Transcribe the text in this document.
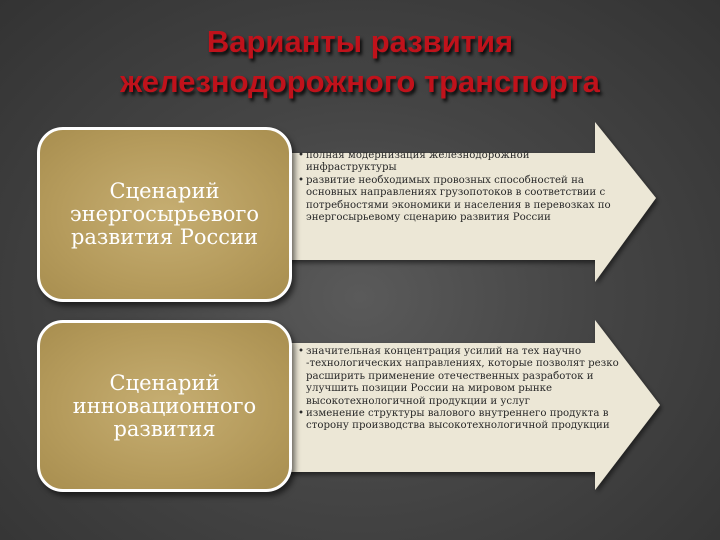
Варианты развития
железнодорожного транспорта
Сценарий
энергосырьевого
развития России
• полная модернизация железнодорожной инфраструктуры
• развитие необходимых провозных способностей на основных направлениях грузопотоков в соответствии с потребностями экономики и населения в перевозках по энергосырьевому сценарию развития России
Сценарий
инновационного
развития
• значительная концентрация усилий на тех научно -технологических направлениях, которые позволят резко расширить применение отечественных разработок и улучшить позиции России на мировом рынке высокотехнологичной продукции и услуг
• изменение структуры валового внутреннего продукта в сторону производства высокотехнологичной продукции
